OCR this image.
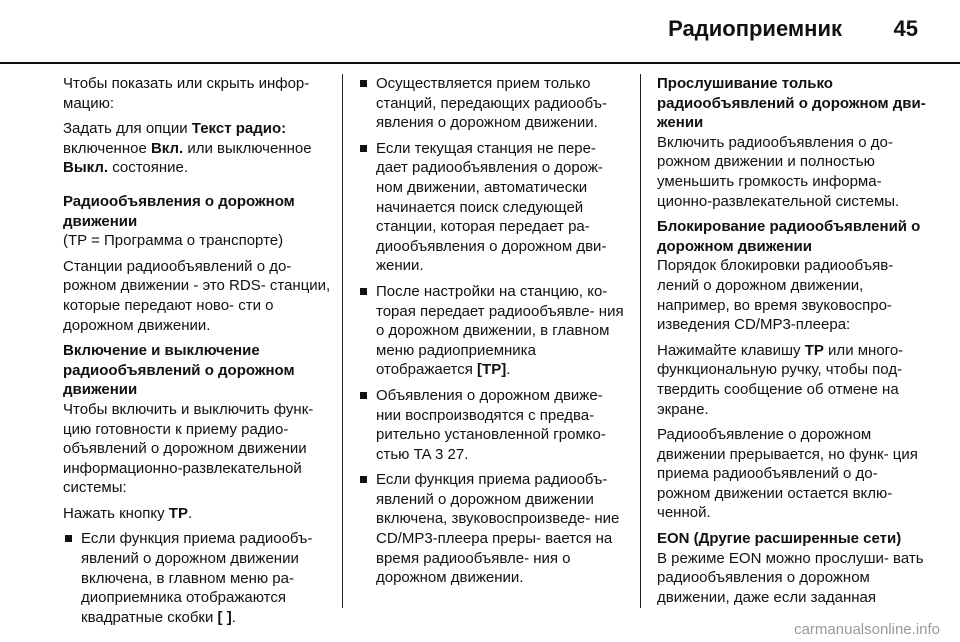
Радиоприемник 45

Чтобы показать или скрыть инфор‐ мацию:

Задать для опции Текст радио: включенное Вкл. или выключенное Выкл. состояние.

Радиообъявления о дорожном движении

(TP = Программа о транспорте)

Станции радиообъявлений о до‐ рожном движении - это RDS- станции, которые передают ново‐ сти о дорожном движении.

Включение и выключение радиообъявлений о дорожном движении

Чтобы включить и выключить функ‐ цию готовности к приему радио‐ объявлений о дорожном движении информационно-развлекательной системы:

Нажать кнопку TP.

Если функция приема радиообъ‐ явлений о дорожном движении включена, в главном меню ра‐ диоприемника отображаются квадратные скобки [ ].
Осуществляется прием только станций, передающих радиообъ‐ явления о дорожном движении.
Если текущая станция не пере‐ дает радиообъявления о дорож‐ ном движении, автоматически начинается поиск следующей станции, которая передает ра‐ диообъявления о дорожном дви‐ жении.
После настройки на станцию, ко‐ торая передает радиообъявле‐ ния о дорожном движении, в главном меню радиоприемника отображается [TP].
Объявления о дорожном движе‐ нии воспроизводятся с предва‐ рительно установленной громко‐ стью TA 3 27.
Если функция приема радиообъ‐ явлений о дорожном движении включена, звуковоспроизведе‐ ние CD/MP3-плеера преры‐ вается на время радиообъявле‐ ния о дорожном движении.
Прослушивание только радиообъявлений о дорожном дви‐ жении

Включить радиообъявления о до‐ рожном движении и полностью уменьшить громкость информа‐ ционно-развлекательной системы.

Блокирование радиообъявлений о дорожном движении

Порядок блокировки радиообъяв‐ лений о дорожном движении, например, во время звуковоспро‐ изведения CD/MP3-плеера:

Нажимайте клавишу TP или много‐ функциональную ручку, чтобы под‐ твердить сообщение об отмене на экране.

Радиообъявление о дорожном движении прерывается, но функ‐ ция приема радиообъявлений о до‐ рожном движении остается вклю‐ ченной.

EON (Другие расширенные сети)

В режиме EON можно прослуши‐ вать радиообъявления о дорожном движении, даже если заданная

carmanualsonline.info
